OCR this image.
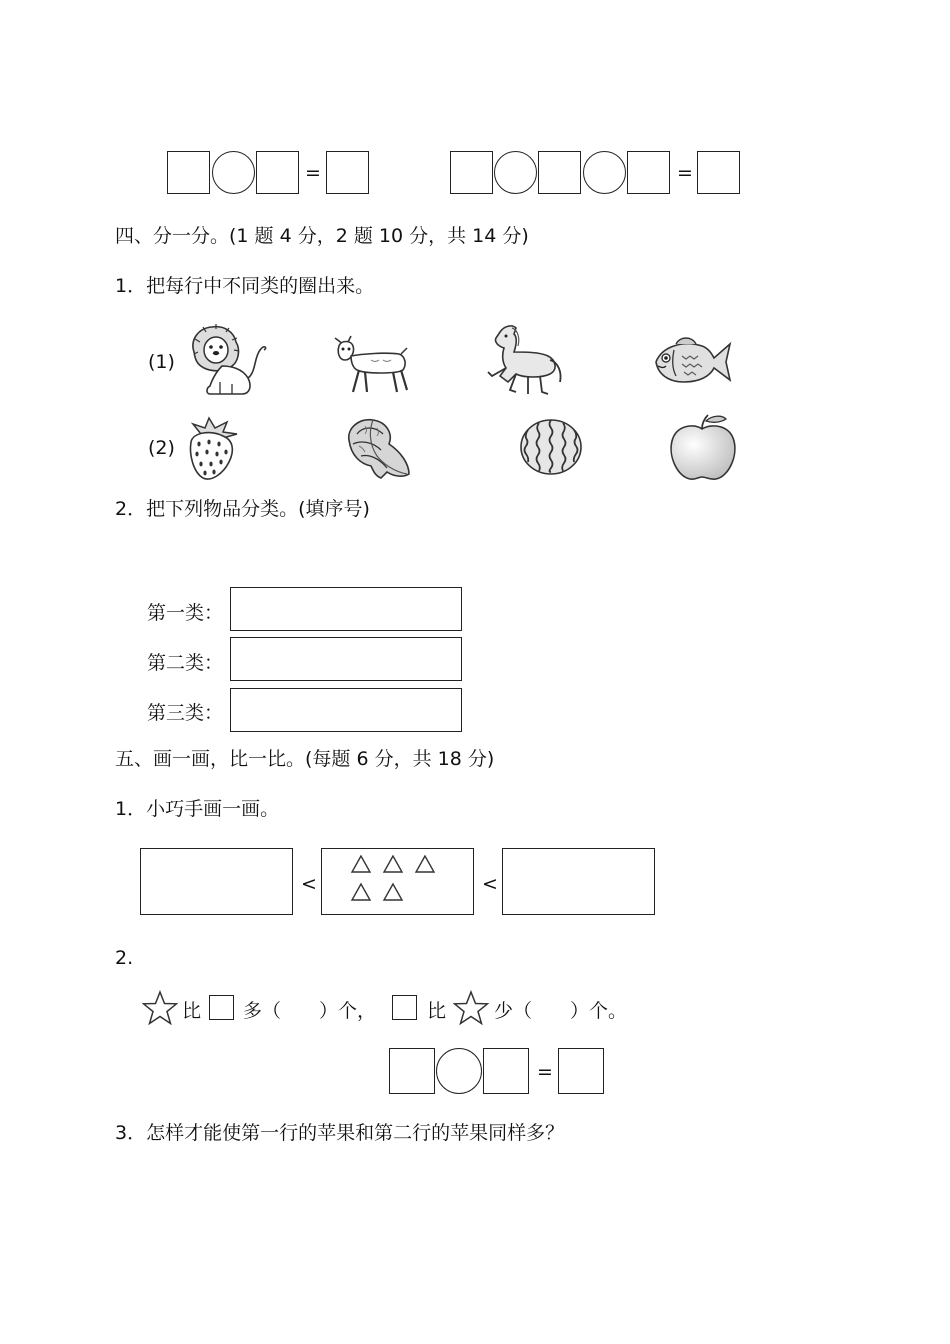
=	=
四、分一分。(1 题 4 分，2 题 10 分，共 14 分)
1．把每行中不同类的圈出来。
(1)
(2)
2．把下列物品分类。(填序号)
第一类：
第二类：
第三类：
五、画一画，比一比。(每题 6 分，共 18 分)
1．小巧手画一画。
<	<
2.
比 多（　　）个，	比	少（　　）个。
=
3．怎样才能使第一行的苹果和第二行的苹果同样多？
